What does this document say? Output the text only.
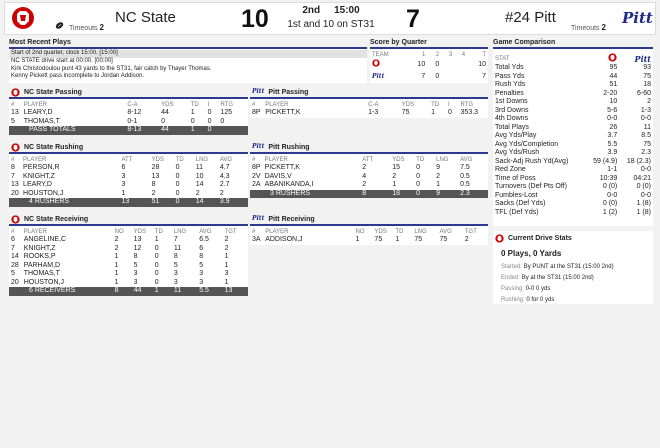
NC State
Timeouts 2	10	2nd 15:00
1st and 10 on ST31	7	#24 Pitt
Timeouts 2
Pitt
Most Recent Plays
Start of 2nd quarter, clock 15:00. [15:00]
NC STATE drive start at 00:00. [00:00]
Kirk Christodoulou punt 43 yards to the ST31, fair catch by Thayer Thomas.
Kenny Pickett pass incomplete to Jordan Addison.
Score by Quarter
TEAM	1	2	3	4	T
	10	0			10
Pitt	7	0			7
Game Comparison
STAT		Pitt
Total Yds	95	93
Pass Yds	44	75
Rush Yds	51	18
Penalties	2-20	6-60
1st Downs	10	2
3rd Downs	5-6	1-3
4th Downs	0-0	0-0
Total Plays	26	11
Avg Yds/Play	3.7	8.5
Avg Yds/Completion	5.5	75
Avg Yds/Rush	3.9	2.3
Sack-Adj Rush Yd(Avg)	59 (4.9)	18 (2.3)
Red Zone	1-1	0-0
Time of Poss	10:39	04:21
Turnovers (Def Pts Off)	0 (0)	0 (0)
Fumbles-Lost	0-0	0-0
Sacks (Def Yds)	0 (0)	1 (8)
TFL (Def Yds)	1 (2)	1 (8)
Current Drive Stats
0 Plays, 0 Yards
Started: By PUNT at the ST31 (15:00 2nd)
Ended: By at the ST31 (15:00 2nd)
Passing: 0-0 0 yds
Rushing: 0 for 0 yds
NC State Passing
#	PLAYER	C-A	YDS	TD	I	RTG
13	LEARY,D	8-12	44	1	0	125
5	THOMAS,T	0-1	0	0	0	0
PASS TOTALS		8-13	44	1	0	
Pitt Pitt Passing
#	PLAYER	C-A	YDS	TD	I	RTG
8P	PICKETT,K	1-3	75	1	0	353.3
NC State Rushing
#	PLAYER	ATT	YDS	TD	LNG	AVG
8	PERSON,R	6	28	0	11	4.7
7	KNIGHT,Z	3	13	0	10	4.3
13	LEARY,D	3	8	0	14	2.7
20	HOUSTON,J	1	2	0	2	2
4 RUSHERS		13	51	0	14	3.9
Pitt Pitt Rushing
#	PLAYER	ATT	YDS	TD	LNG	AVG
8P	PICKETT,K	2	15	0	9	7.5
2V	DAVIS,V	4	2	0	2	0.5
2A	ABANIKANDA,I	2	1	0	1	0.5
3 RUSHERS		8	18	0	9	2.3
NC State Receiving
#	PLAYER	NO	YDS	TD	LNG	AVG	TGT
6	ANGELINE,C	2	13	1	7	6.5	2
7	KNIGHT,Z	2	12	0	11	6	2
14	ROOKS,P	1	8	0	8	8	1
28	PARHAM,D	1	5	0	5	5	1
5	THOMAS,T	1	3	0	3	3	3
20	HOUSTON,J	1	3	0	3	3	1
6 RECEIVERS		8	44	1	11	5.5	13
Pitt Pitt Receiving
#	PLAYER	NO	YDS	TD	LNG	AVG	TGT
3A	ADDISON,J	1	75	1	75	75	2
